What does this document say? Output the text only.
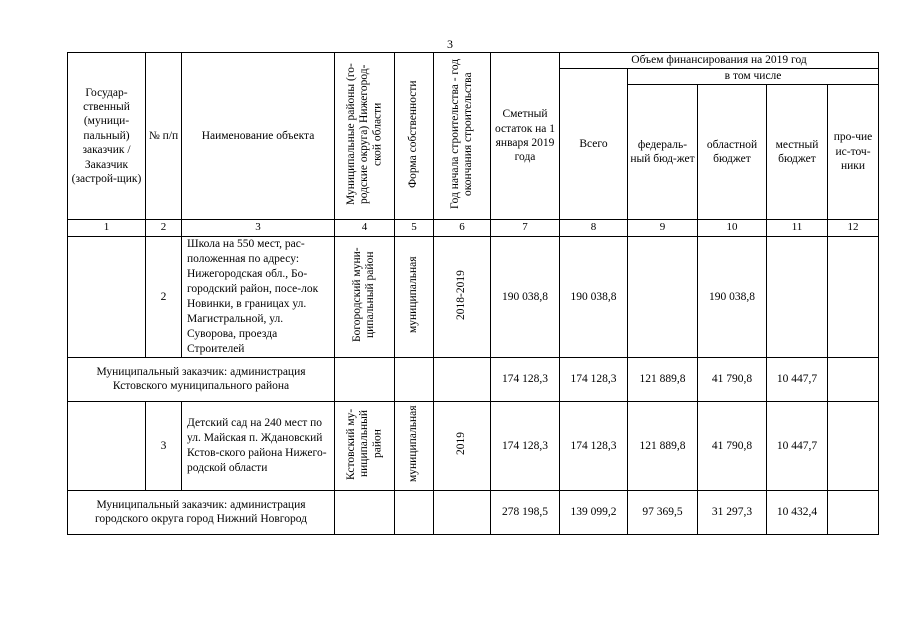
3
Государ-ственный (муници-пальный) заказчик / Заказчик (застрой-щик)	№ п/п	Наименование объекта	Муниципальные районы (го-родские округа) Нижегород-ской области	Форма собственности	Год начала строительства - год окончания строительства	Сметный остаток на 1 января 2019 года	Объем финансирования на 2019 год				
							Всего	в том числе			
								федераль-ный бюд-жет	областной бюджет	местный бюджет	про-чие ис-точ-ники
1	2	3	4	5	6	7	8	9	10	11	12
	2	Школа на 550 мест, рас-положенная по адресу: Нижегородская обл., Бо-городский район, посе-лок Новинки, в границах ул. Магистральной, ул. Суворова, проезда Строителей	Богородский муни-ципальный район	муниципальная	2018-2019	190 038,8	190 038,8		190 038,8		
Муниципальный заказчик: администрация Кстовского муниципального района						174 128,3	174 128,3	121 889,8	41 790,8	10 447,7	
	3	Детский сад на 240 мест по ул. Майская п. Ждановский Кстов-ского района Нижего-родской области	Кстовский му-ниципальный район	муниципальная	2019	174 128,3	174 128,3	121 889,8	41 790,8	10 447,7	
Муниципальный заказчик: администрация городского округа город Нижний Новгород						278 198,5	139 099,2	97 369,5	31 297,3	10 432,4	
